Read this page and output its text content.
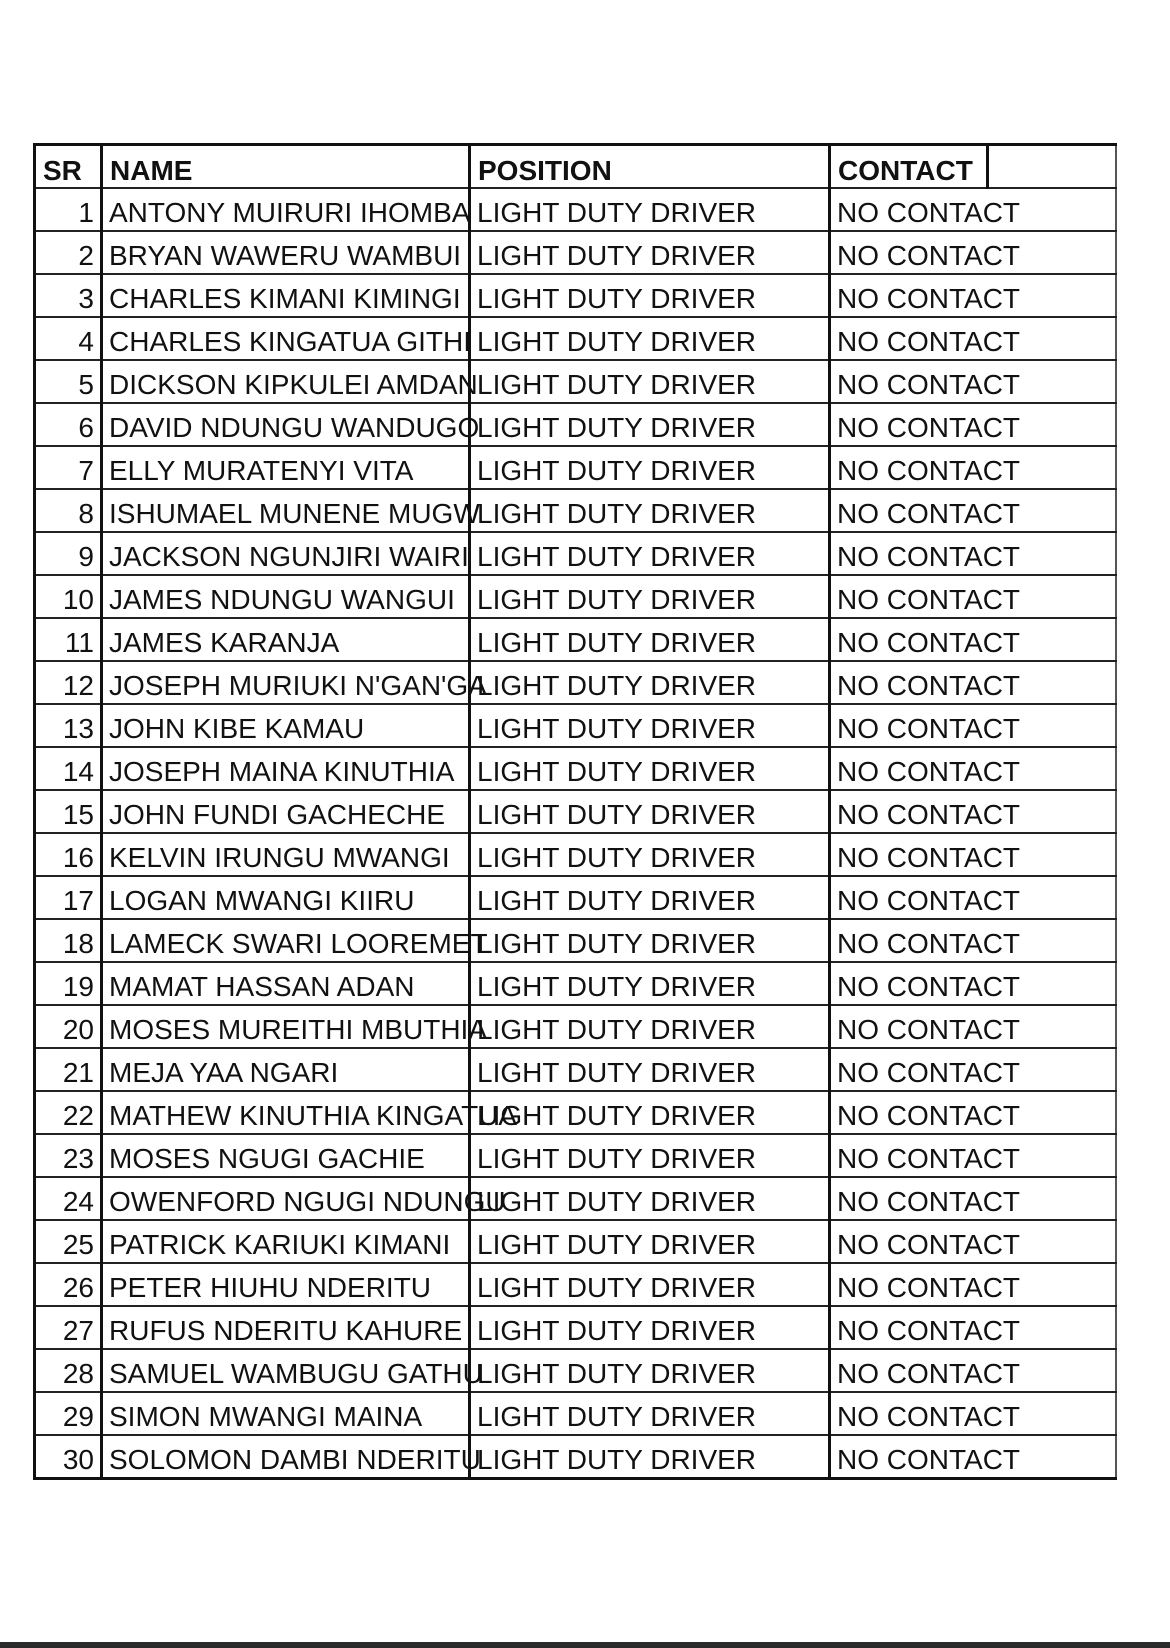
SR	NAME	POSITION	CONTACT	
1	ANTONY MUIRURI IHOMBA	LIGHT DUTY DRIVER	NO CONTACT	
2	BRYAN WAWERU WAMBUI	LIGHT DUTY DRIVER	NO CONTACT	
3	CHARLES KIMANI KIMINGI	LIGHT DUTY DRIVER	NO CONTACT	
4	CHARLES KINGATUA GITHI	LIGHT DUTY DRIVER	NO CONTACT	
5	DICKSON KIPKULEI AMDAN	LIGHT DUTY DRIVER	NO CONTACT	
6	DAVID NDUNGU WANDUGO	LIGHT DUTY DRIVER	NO CONTACT	
7	ELLY MURATENYI VITA	LIGHT DUTY DRIVER	NO CONTACT	
8	ISHUMAEL MUNENE MUGW	LIGHT DUTY DRIVER	NO CONTACT	
9	JACKSON NGUNJIRI WAIRI	LIGHT DUTY DRIVER	NO CONTACT	
10	JAMES NDUNGU WANGUI	LIGHT DUTY DRIVER	NO CONTACT	
11	JAMES KARANJA	LIGHT DUTY DRIVER	NO CONTACT	
12	JOSEPH MURIUKI N'GAN'GA	LIGHT DUTY DRIVER	NO CONTACT	
13	JOHN KIBE KAMAU	LIGHT DUTY DRIVER	NO CONTACT	
14	JOSEPH MAINA KINUTHIA	LIGHT DUTY DRIVER	NO CONTACT	
15	JOHN FUNDI GACHECHE	LIGHT DUTY DRIVER	NO CONTACT	
16	KELVIN IRUNGU MWANGI	LIGHT DUTY DRIVER	NO CONTACT	
17	LOGAN MWANGI KIIRU	LIGHT DUTY DRIVER	NO CONTACT	
18	LAMECK SWARI LOOREMET	LIGHT DUTY DRIVER	NO CONTACT	
19	MAMAT HASSAN ADAN	LIGHT DUTY DRIVER	NO CONTACT	
20	MOSES MUREITHI MBUTHIA	LIGHT DUTY DRIVER	NO CONTACT	
21	MEJA YAA NGARI	LIGHT DUTY DRIVER	NO CONTACT	
22	MATHEW KINUTHIA KINGATUA	LIGHT DUTY DRIVER	NO CONTACT	
23	MOSES NGUGI GACHIE	LIGHT DUTY DRIVER	NO CONTACT	
24	OWENFORD NGUGI NDUNGU	LIGHT DUTY DRIVER	NO CONTACT	
25	PATRICK KARIUKI KIMANI	LIGHT DUTY DRIVER	NO CONTACT	
26	PETER HIUHU NDERITU	LIGHT DUTY DRIVER	NO CONTACT	
27	RUFUS NDERITU KAHURE	LIGHT DUTY DRIVER	NO CONTACT	
28	SAMUEL WAMBUGU GATHU	LIGHT DUTY DRIVER	NO CONTACT	
29	SIMON MWANGI MAINA	LIGHT DUTY DRIVER	NO CONTACT	
30	SOLOMON DAMBI NDERITU	LIGHT DUTY DRIVER	NO CONTACT	
